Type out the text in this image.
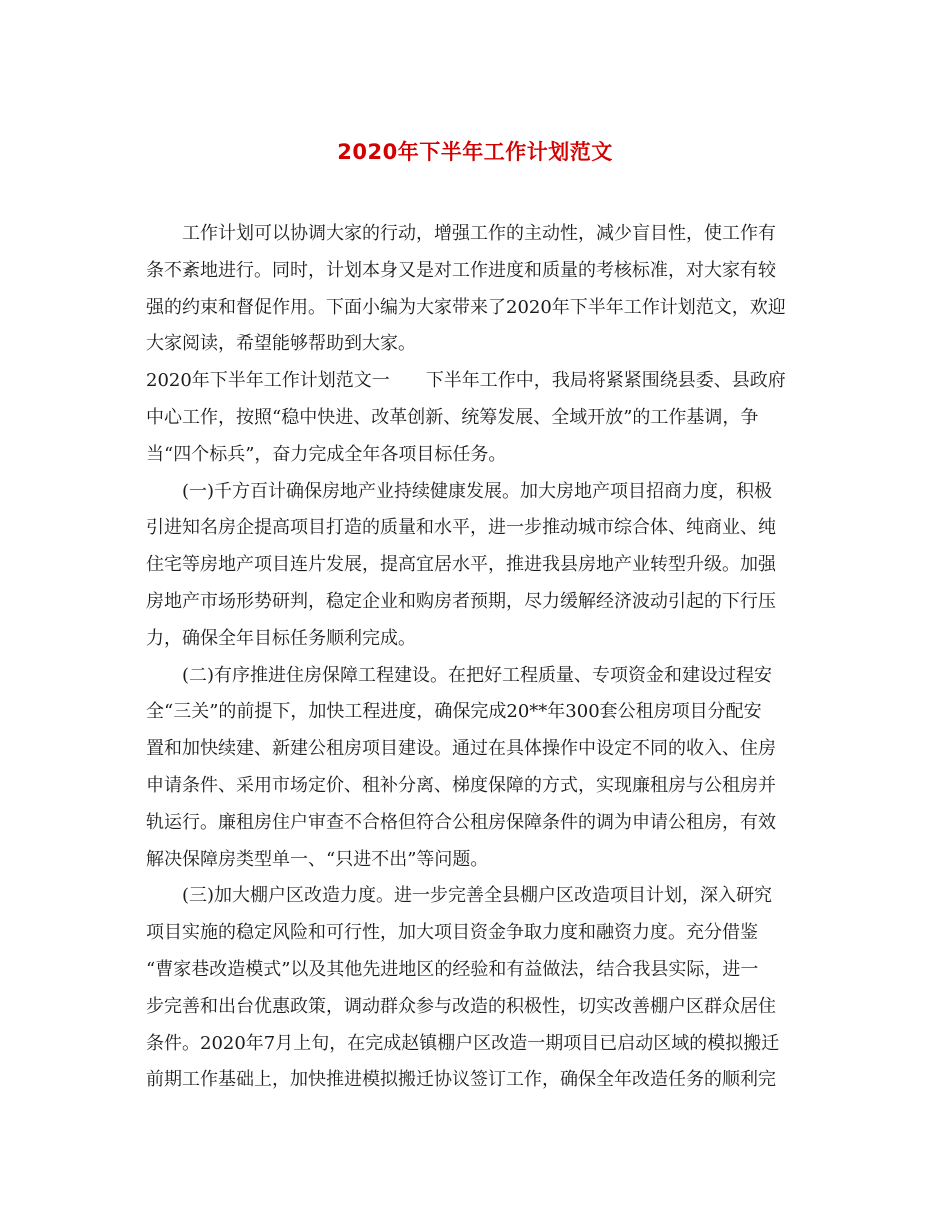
2020年下半年工作计划范文
工作计划可以协调大家的行动，增强工作的主动性，减少盲目性，使工作有
条不紊地进行。同时，计划本身又是对工作进度和质量的考核标准，对大家有较
强的约束和督促作用。下面小编为大家带来了2020年下半年工作计划范文，欢迎
大家阅读，希望能够帮助到大家。
2020年下半年工作计划范文一 下半年工作中，我局将紧紧围绕县委、县政府
中心工作，按照“稳中快进、改革创新、统筹发展、全域开放”的工作基调，争
当“四个标兵”，奋力完成全年各项目标任务。
(一)千方百计确保房地产业持续健康发展。加大房地产项目招商力度，积极
引进知名房企提高项目打造的质量和水平，进一步推动城市综合体、纯商业、纯
住宅等房地产项目连片发展，提高宜居水平，推进我县房地产业转型升级。加强
房地产市场形势研判，稳定企业和购房者预期，尽力缓解经济波动引起的下行压
力，确保全年目标任务顺利完成。
(二)有序推进住房保障工程建设。在把好工程质量、专项资金和建设过程安
全“三关”的前提下，加快工程进度，确保完成20**年300套公租房项目分配安
置和加快续建、新建公租房项目建设。通过在具体操作中设定不同的收入、住房
申请条件、采用市场定价、租补分离、梯度保障的方式，实现廉租房与公租房并
轨运行。廉租房住户审查不合格但符合公租房保障条件的调为申请公租房，有效
解决保障房类型单一、“只进不出”等问题。
(三)加大棚户区改造力度。进一步完善全县棚户区改造项目计划，深入研究
项目实施的稳定风险和可行性，加大项目资金争取力度和融资力度。充分借鉴
“曹家巷改造模式”以及其他先进地区的经验和有益做法，结合我县实际，进一
步完善和出台优惠政策，调动群众参与改造的积极性，切实改善棚户区群众居住
条件。2020年7月上旬，在完成赵镇棚户区改造一期项目已启动区域的模拟搬迁
前期工作基础上，加快推进模拟搬迁协议签订工作，确保全年改造任务的顺利完
